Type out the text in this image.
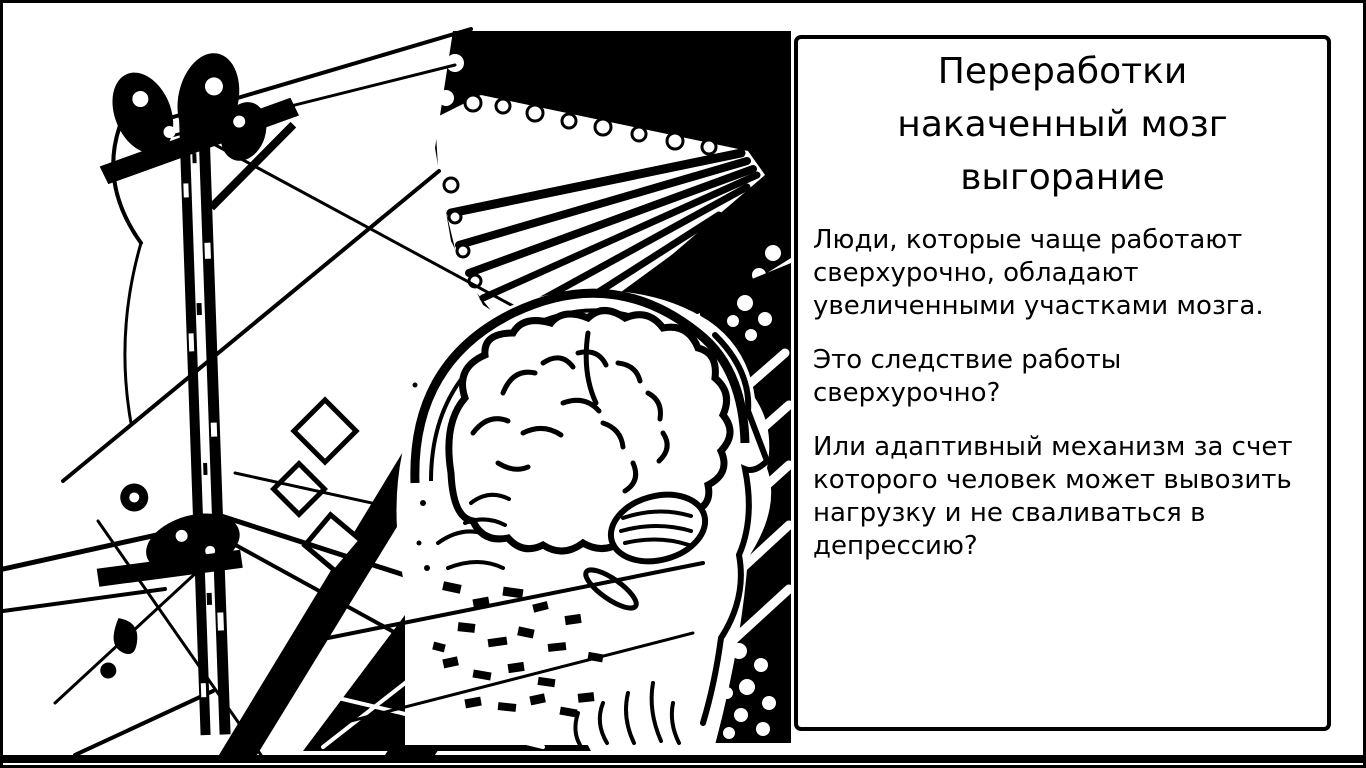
Переработки
накаченный мозг
выгорание
Люди, которые чаще работают
сверхурочно, обладают
увеличенными участками мозга.
Это следствие работы
сверхурочно?
Или адаптивный механизм за счет
которого человек может вывозить
нагрузку и не сваливаться в
депрессию?
